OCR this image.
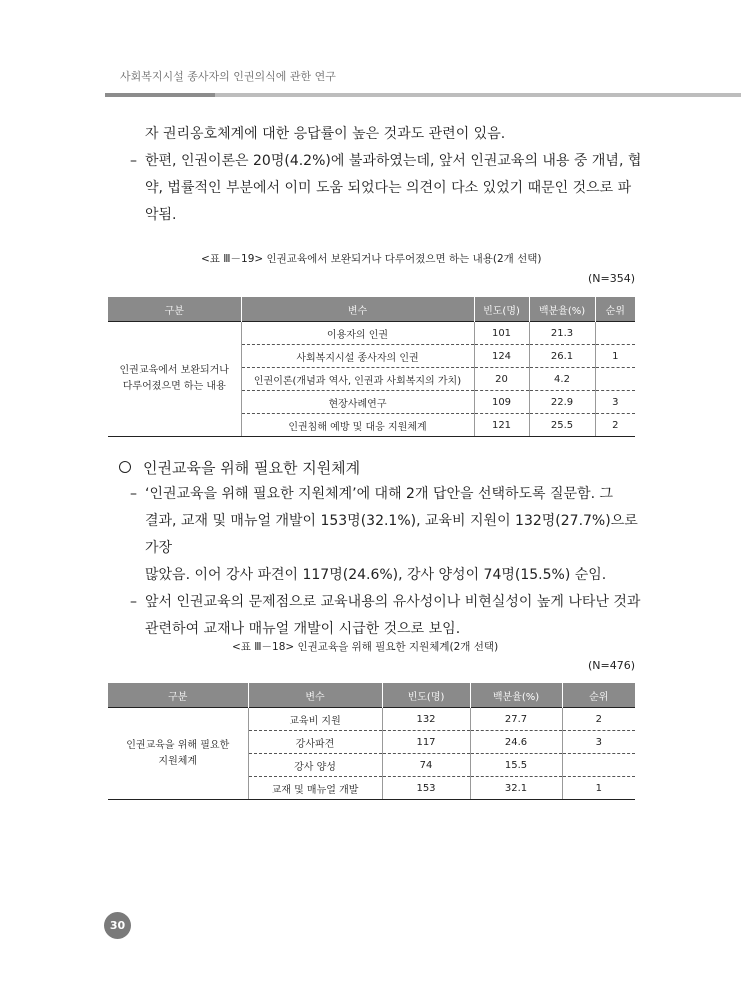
사회복지시설 종사자의 인권의식에 관한 연구
자 권리옹호체계에 대한 응답률이 높은 것과도 관련이 있음.
– 한편, 인권이론은 20명(4.2%)에 불과하였는데, 앞서 인권교육의 내용 중 개념, 협
약, 법률적인 부분에서 이미 도움 되었다는 의견이 다소 있었기 때문인 것으로 파
악됨.
<표 Ⅲ－19> 인권교육에서 보완되거나 다루어졌으면 하는 내용(2개 선택)
(N=354)
구분	변수	빈도(명)	백분율(%)	순위

인권교육에서 보완되거나
다루어졌으면 하는 내용	이용자의 인권	101	21.3	
	사회복지시설 종사자의 인권	124	26.1	1
	인권이론(개념과 역사, 인권과 사회복지의 가치)	20	4.2	
	현장사례연구	109	22.9	3
	인권침해 예방 및 대응 지원체계	121	25.5	2
인권교육을 위해 필요한 지원체계
– ‘인권교육을 위해 필요한 지원체계’에 대해 2개 답안을 선택하도록 질문함. 그
결과, 교재 및 매뉴얼 개발이 153명(32.1%), 교육비 지원이 132명(27.7%)으로 가장
많았음. 이어 강사 파견이 117명(24.6%), 강사 양성이 74명(15.5%) 순임.
– 앞서 인권교육의 문제점으로 교육내용의 유사성이나 비현실성이 높게 나타난 것과
관련하여 교재나 매뉴얼 개발이 시급한 것으로 보임.
<표 Ⅲ－18> 인권교육을 위해 필요한 지원체계(2개 선택)
(N=476)
구분	변수	빈도(명)	백분율(%)	순위

인권교육을 위해 필요한
지원체계	교육비 지원	132	27.7	2
	강사파견	117	24.6	3
	강사 양성	74	15.5	
	교재 및 매뉴얼 개발	153	32.1	1
30
